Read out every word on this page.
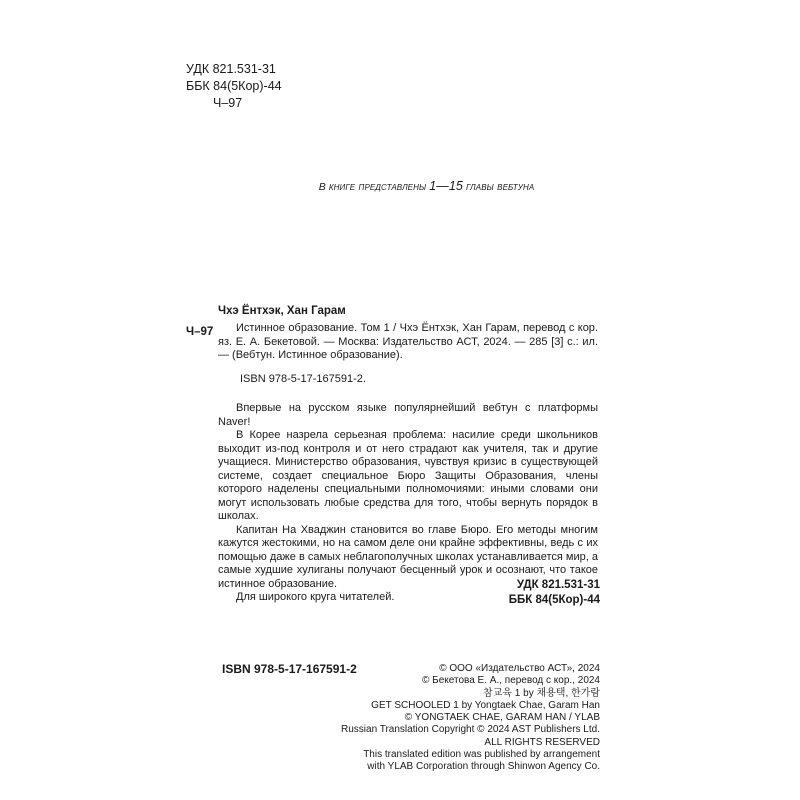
УДК 821.531-31
ББК 84(5Кор)-44
Ч–97
В книге представлены 1—15 главы вебтуна
Чхэ Ёнтхэк, Хан Гарам
Ч–97	Истинное образование. Том 1 / Чхэ Ёнтхэк, Хан Гарам, перевод с кор. яз. Е. А. Бекетовой. — Москва: Издательство АСТ, 2024. — 285 [3] с.: ил. — (Вебтун. Истинное образование).

ISBN 978-5-17-167591-2.

Впервые на русском языке популярнейший вебтун с платформы Naver!

В Корее назрела серьезная проблема: насилие среди школьников выходит из-под контроля и от него страдают как учителя, так и другие учащиеся. Министерство образования, чувствуя кризис в существующей системе, создает специальное Бюро Защиты Образования, члены которого наделены специальными полномочиями: иными словами они могут использовать любые средства для того, чтобы вернуть порядок в школах.

Капитан На Хваджин становится во главе Бюро. Его методы многим кажутся жестокими, но на самом деле они крайне эффективны, ведь с их помощью даже в самых неблагополучных школах устанавливается мир, а самые худшие хулиганы получают бесценный урок и осознают, что такое истинное образование.

Для широкого круга читателей.

УДК 821.531-31
ББК 84(5Кор)-44
ISBN 978-5-17-167591-2	© ООО «Издательство АСТ», 2024
© Бекетова Е. А., перевод с кор., 2024
참교육 1 by 채용택, 한가람
GET SCHOOLED 1 by Yongtaek Chae, Garam Han
© YONGTAEK CHAE, GARAM HAN / YLAB
Russian Translation Copyright © 2024 AST Publishers Ltd.
ALL RIGHTS RESERVED
This translated edition was published by arrangement
with YLAB Corporation through Shinwon Agency Co.
